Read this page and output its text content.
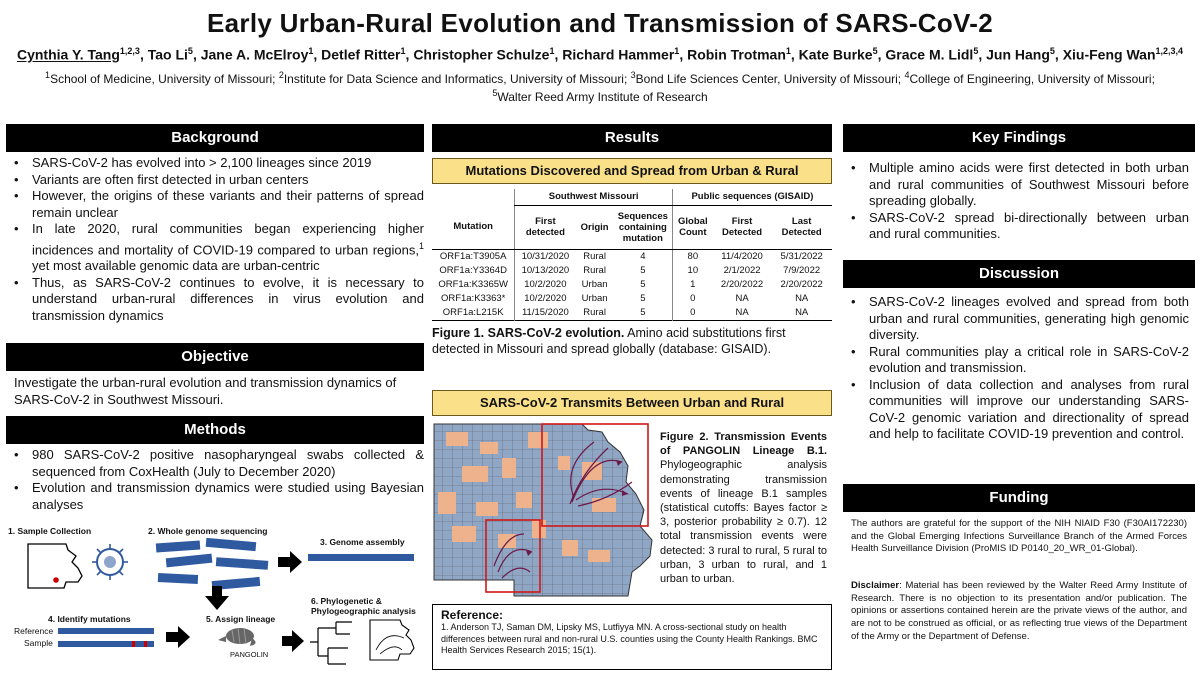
Early Urban-Rural Evolution and Transmission of SARS-CoV-2
Cynthia Y. Tang$^{1,2,3}$, Tao Li$^5$, Jane A. McElroy$^1$, Detlef Ritter$^1$, Christopher Schulze$^1$, Richard Hammer$^1$, Robin Trotman$^1$, Kate Burke$^5$, Grace M. Lidl$^5$, Jun Hang$^5$, Xiu-Feng Wan$^{1,2,3,4}$
$^1$School of Medicine, University of Missouri; $^2$Institute for Data Science and Informatics, University of Missouri; $^3$Bond Life Sciences Center, University of Missouri; $^4$College of Engineering, University of Missouri; $^5$Walter Reed Army Institute of Research
Background
• SARS-CoV-2 has evolved into > 2,100 lineages since 2019
• Variants are often first detected in urban centers
• However, the origins of these variants and their patterns of spread remain unclear
• In late 2020, rural communities began experiencing higher incidences and mortality of COVID-19 compared to urban regions,$^1$ yet most available genomic data are urban-centric
• Thus, as SARS-CoV-2 continues to evolve, it is necessary to understand urban-rural differences in virus evolution and transmission dynamics
Objective
Investigate the urban-rural evolution and transmission dynamics of SARS-CoV-2 in Southwest Missouri.
Methods
• 980 SARS-CoV-2 positive nasopharyngeal swabs collected & sequenced from CoxHealth (July to December 2020)
• Evolution and transmission dynamics were studied using Bayesian analyses
1. Sample Collection	2. Whole genome sequencing
3. Genome assembly
4. Identify mutations	5. Assign lineage
6. Phylogenetic &
Phylogeographic analysis
Reference
Sample
PANGOLIN
Results
Mutations Discovered and Spread from Urban & Rural
	Southwest Missouri			Public sequences (GISAID)		
Mutation	First detected	Origin	Sequences containing mutation	Global Count	First Detected	Last Detected
ORF1a:T3905A	10/31/2020	Rural	4	80	11/4/2020	5/31/2022
ORF1a:Y3364D	10/13/2020	Rural	5	10	2/1/2022	7/9/2022
ORF1a:K3365W	10/2/2020	Urban	5	1	2/20/2022	2/20/2022
ORF1a:K3363*	10/2/2020	Urban	5	0	NA	NA
ORF1a:L215K	11/15/2020	Rural	5	0	NA	NA
Figure 1. SARS-CoV-2 evolution. Amino acid substitutions first detected in Missouri and spread globally (database: GISAID).
SARS-CoV-2 Transmits Between Urban and Rural
Figure 2. Transmission Events of PANGOLIN Lineage B.1. Phylogeographic analysis demonstrating transmission events of lineage B.1 samples (statistical cutoffs: Bayes factor ≥ 3, posterior probability ≥ 0.7). 12 total transmission events were detected: 3 rural to rural, 5 rural to urban, 3 urban to rural, and 1 urban to urban.
Reference:
1. Anderson TJ, Saman DM, Lipsky MS, Lutfiyya MN. A cross-sectional study on health differences between rural and non-rural U.S. counties using the County Health Rankings. BMC Health Services Research 2015; 15(1).
Key Findings
• Multiple amino acids were first detected in both urban and rural communities of Southwest Missouri before spreading globally.
• SARS-CoV-2 spread bi-directionally between urban and rural communities.
Discussion
• SARS-CoV-2 lineages evolved and spread from both urban and rural communities, generating high genomic diversity.
• Rural communities play a critical role in SARS-CoV-2 evolution and transmission.
• Inclusion of data collection and analyses from rural communities will improve our understanding SARS-CoV-2 genomic variation and directionality of spread and help to facilitate COVID-19 prevention and control.
Funding
The authors are grateful for the support of the NIH NIAID F30 (F30AI172230) and the Global Emerging Infections Surveillance Branch of the Armed Forces Health Surveillance Division (ProMIS ID P0140_20_WR_01-Global).
Disclaimer: Material has been reviewed by the Walter Reed Army Institute of Research. There is no objection to its presentation and/or publication. The opinions or assertions contained herein are the private views of the author, and are not to be construed as official, or as reflecting true views of the Department of the Army or the Department of Defense.
